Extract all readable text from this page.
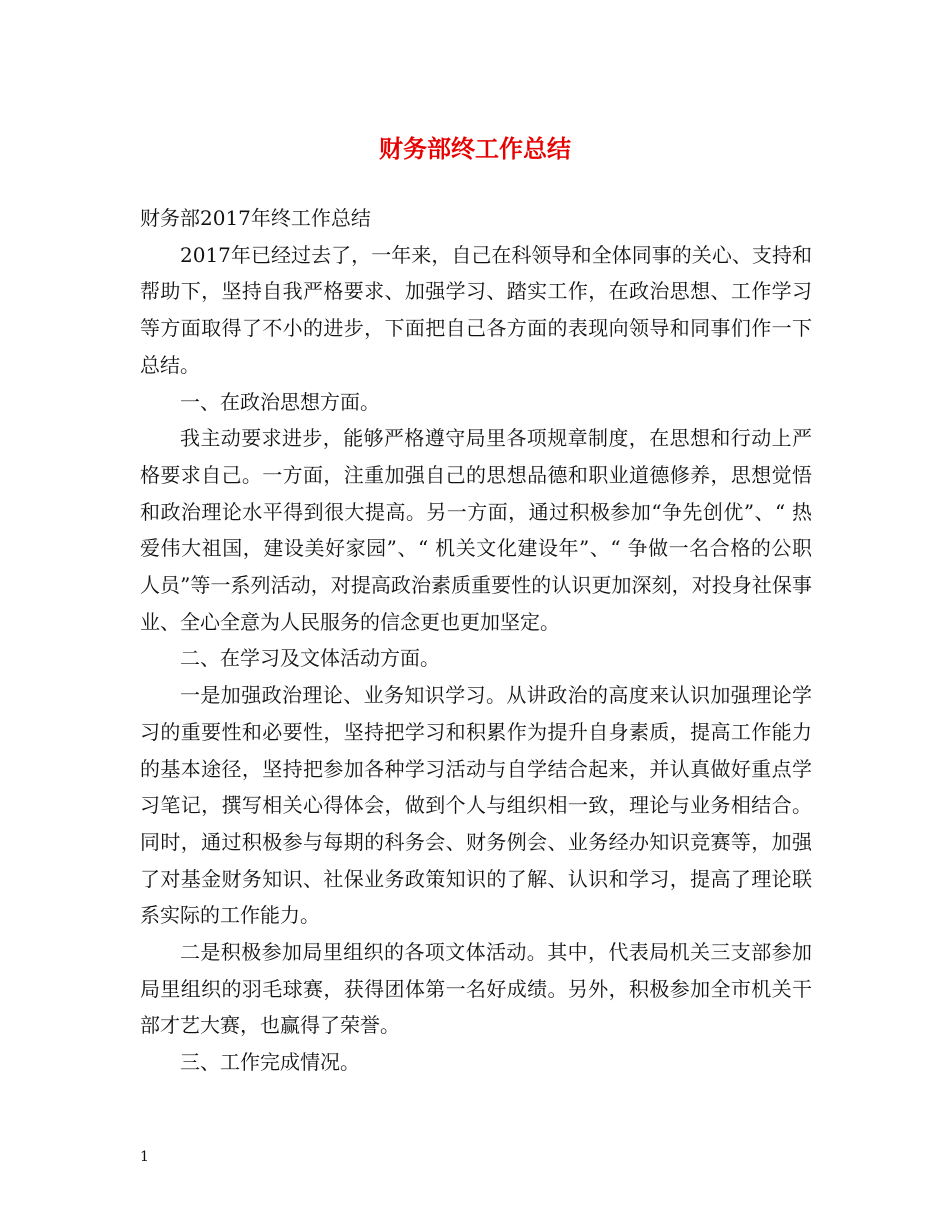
财务部终工作总结

财务部2017年终工作总结

2017年已经过去了，一年来，自己在科领导和全体同事的关心、支持和帮助下，坚持自我严格要求、加强学习、踏实工作，在政治思想、工作学习等方面取得了不小的进步，下面把自己各方面的表现向领导和同事们作一下总结。

一、在政治思想方面。

我主动要求进步，能够严格遵守局里各项规章制度，在思想和行动上严格要求自己。一方面，注重加强自己的思想品德和职业道德修养，思想觉悟和政治理论水平得到很大提高。另一方面，通过积极参加“争先创优”、“ 热爱伟大祖国，建设美好家园”、“ 机关文化建设年”、“ 争做一名合格的公职人员”等一系列活动，对提高政治素质重要性的认识更加深刻，对投身社保事业、全心全意为人民服务的信念更也更加坚定。

二、在学习及文体活动方面。

一是加强政治理论、业务知识学习。从讲政治的高度来认识加强理论学习的重要性和必要性，坚持把学习和积累作为提升自身素质，提高工作能力的基本途径，坚持把参加各种学习活动与自学结合起来，并认真做好重点学习笔记，撰写相关心得体会，做到个人与组织相一致，理论与业务相结合。同时，通过积极参与每期的科务会、财务例会、业务经办知识竞赛等，加强了对基金财务知识、社保业务政策知识的了解、认识和学习，提高了理论联系实际的工作能力。

二是积极参加局里组织的各项文体活动。其中，代表局机关三支部参加局里组织的羽毛球赛，获得团体第一名好成绩。另外，积极参加全市机关干部才艺大赛，也赢得了荣誉。

三、工作完成情况。

1
